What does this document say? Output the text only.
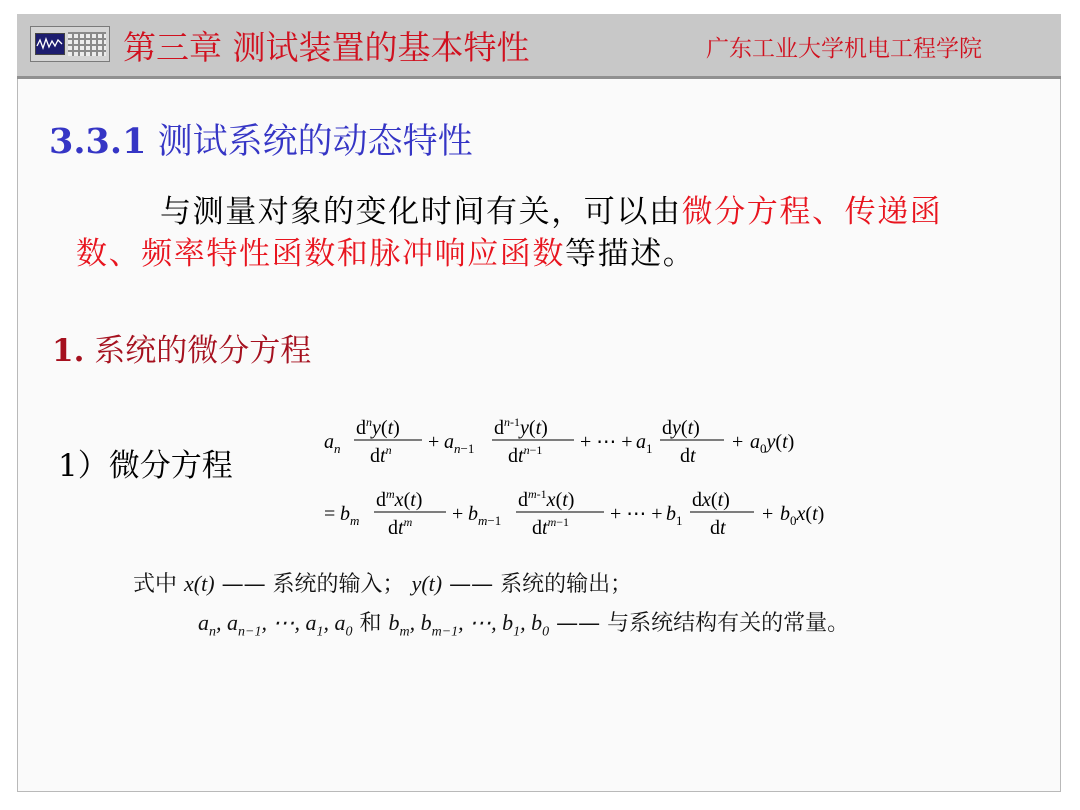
第三章 测试装置的基本特性	广东工业大学机电工程学院
3.3.1 测试系统的动态特性
与测量对象的变化时间有关，可以由微分方程、传递函数、频率特性函数和脉冲响应函数等描述。
1. 系统的微分方程
1）微分方程
$a_n$
$d^ny(t)$
$dt^n + a_n-1$
$d^{n-1}y(t)$
$dt^{n-1}$ + ⋯ + $a_1$
dy(t)
dt
+ $a_0y(t)$
= $b_m$
$d^mx(t)$
$dt^m + b_m-1$
$d^{m-1}x(t)$
$dt^{m-1}$ + ⋯ + $b_1$
dx(t)
dt
+ $b_0x(t)$
式中 x(t) —— 系统的输入； y(t) —— 系统的输出；
$a_n$, $a_{n-1}$, ⋯, $a_1$, $a_0$ 和 $b_m$, $b_{m-1}$, ⋯, $b_1$, $b_0$ —— 与系统结构有关的常量。
